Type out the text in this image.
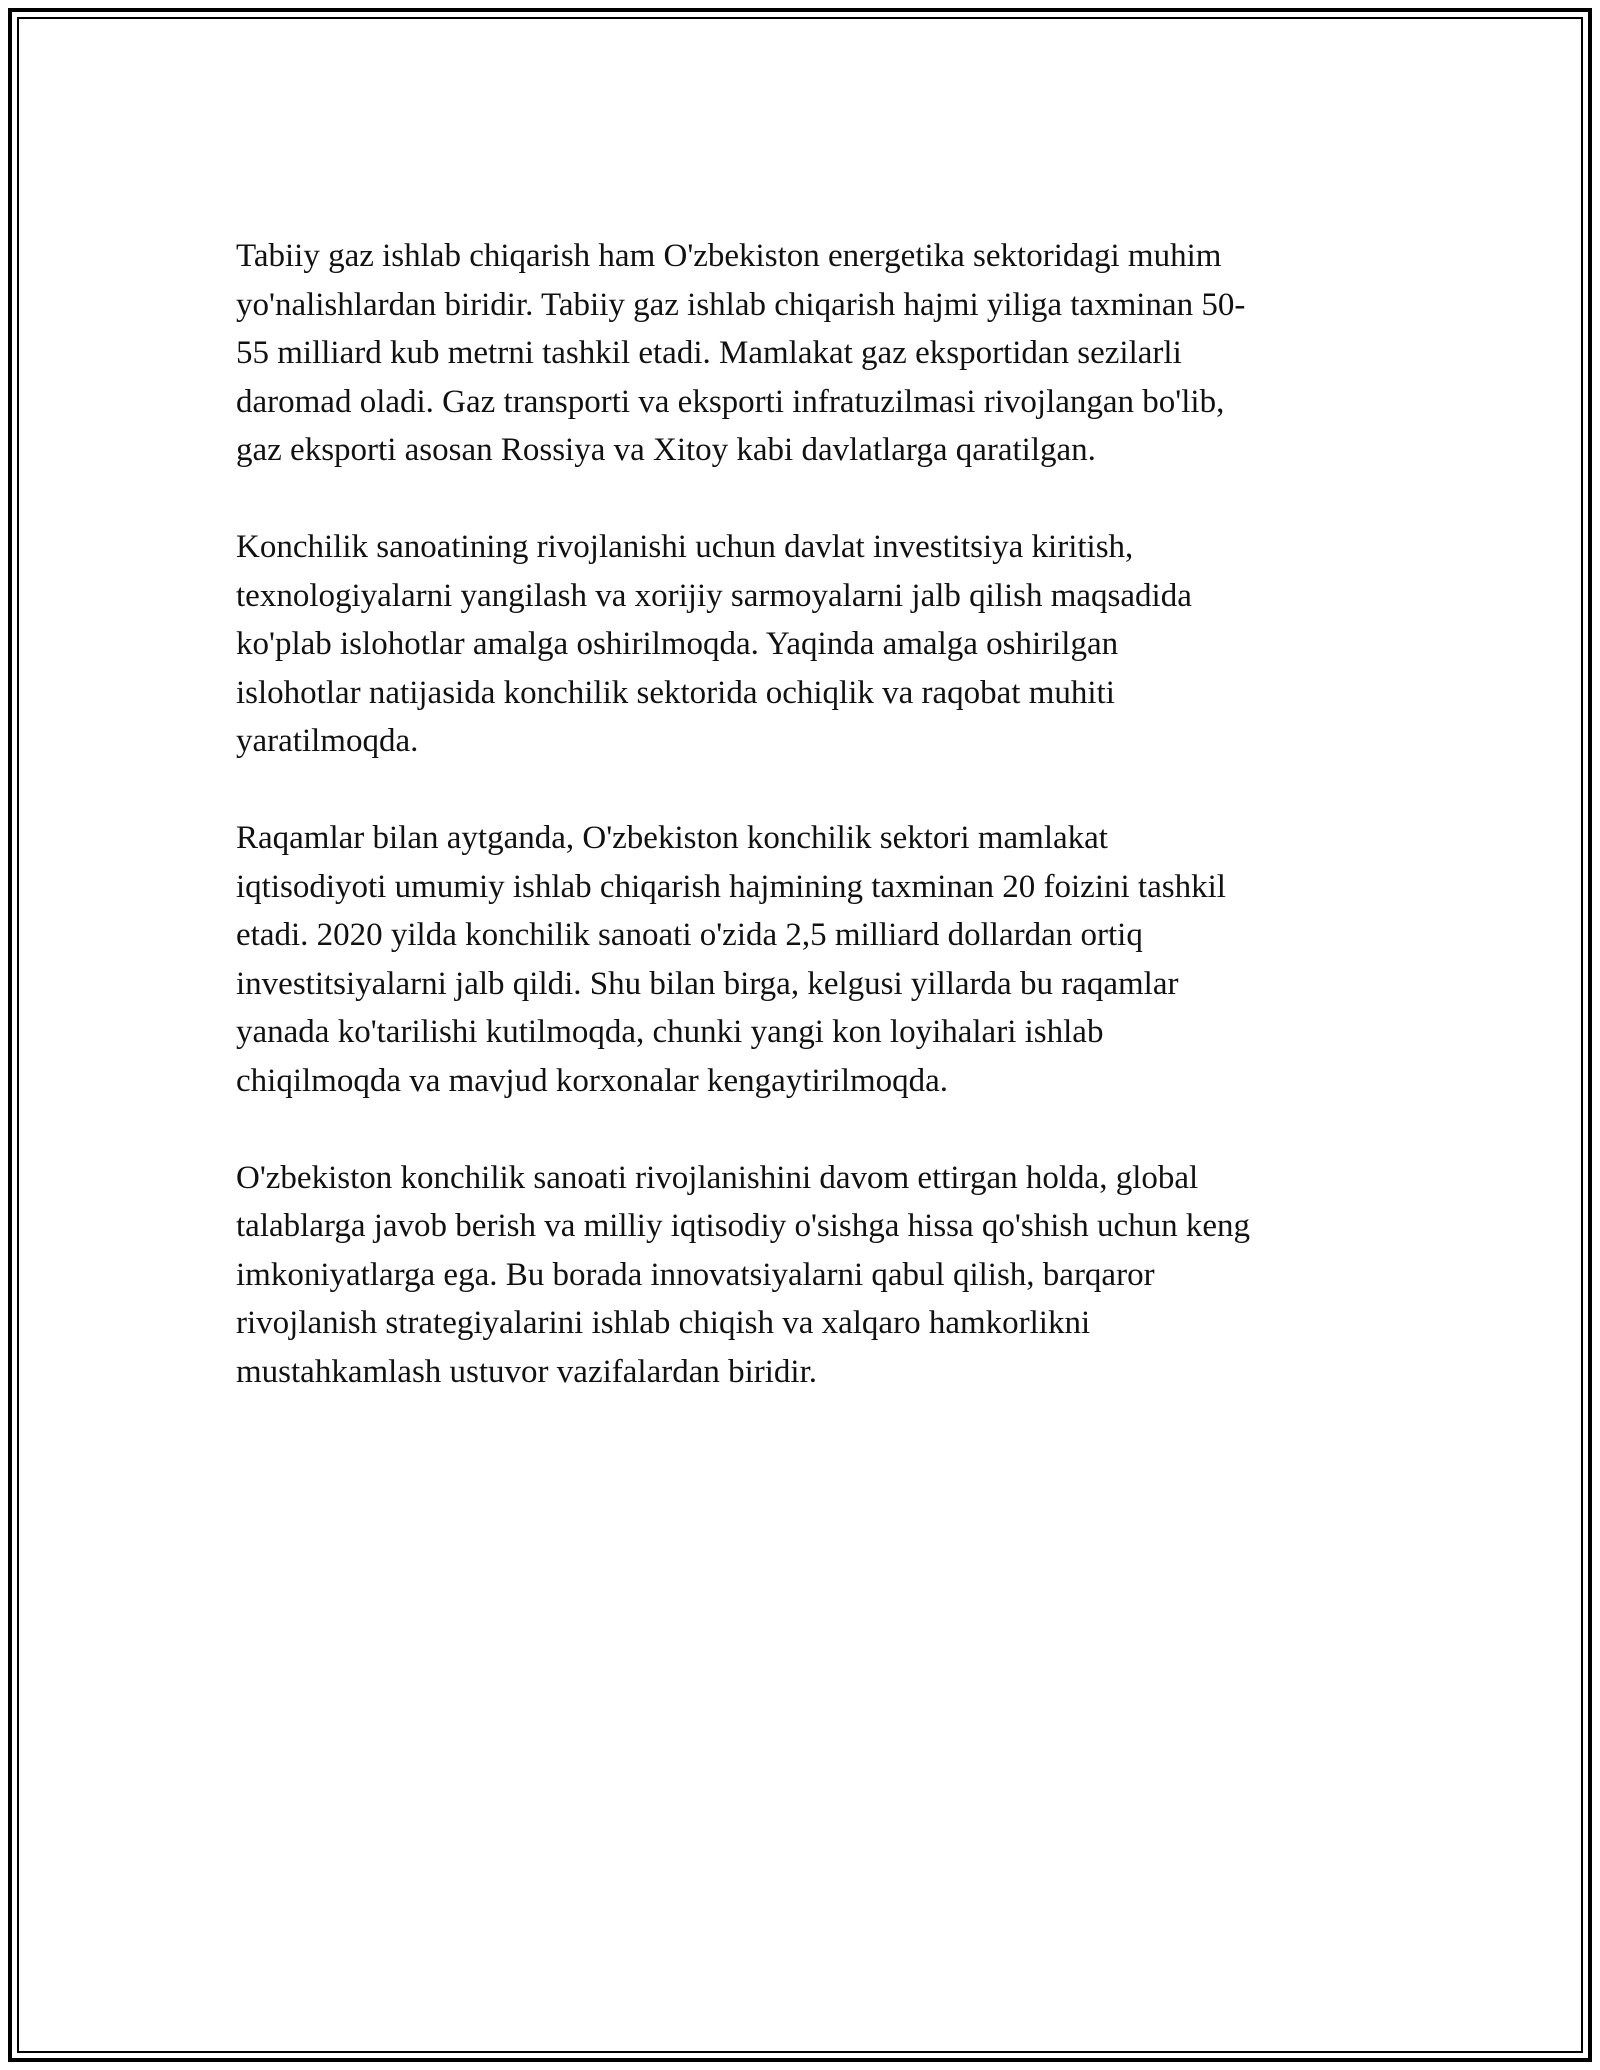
Tabiiy gaz ishlab chiqarish ham O'zbekiston energetika sektoridagi muhim
yo'nalishlardan biridir. Tabiiy gaz ishlab chiqarish hajmi yiliga taxminan 50-
55 milliard kub metrni tashkil etadi. Mamlakat gaz eksportidan sezilarli
daromad oladi. Gaz transporti va eksporti infratuzilmasi rivojlangan bo'lib,
gaz eksporti asosan Rossiya va Xitoy kabi davlatlarga qaratilgan.

Konchilik sanoatining rivojlanishi uchun davlat investitsiya kiritish,
texnologiyalarni yangilash va xorijiy sarmoyalarni jalb qilish maqsadida
ko'plab islohotlar amalga oshirilmoqda. Yaqinda amalga oshirilgan
islohotlar natijasida konchilik sektorida ochiqlik va raqobat muhiti
yaratilmoqda.

Raqamlar bilan aytganda, O'zbekiston konchilik sektori mamlakat
iqtisodiyoti umumiy ishlab chiqarish hajmining taxminan 20 foizini tashkil
etadi. 2020 yilda konchilik sanoati o'zida 2,5 milliard dollardan ortiq
investitsiyalarni jalb qildi. Shu bilan birga, kelgusi yillarda bu raqamlar
yanada ko'tarilishi kutilmoqda, chunki yangi kon loyihalari ishlab
chiqilmoqda va mavjud korxonalar kengaytirilmoqda.

O'zbekiston konchilik sanoati rivojlanishini davom ettirgan holda, global
talablarga javob berish va milliy iqtisodiy o'sishga hissa qo'shish uchun keng
imkoniyatlarga ega. Bu borada innovatsiyalarni qabul qilish, barqaror
rivojlanish strategiyalarini ishlab chiqish va xalqaro hamkorlikni
mustahkamlash ustuvor vazifalardan biridir.
